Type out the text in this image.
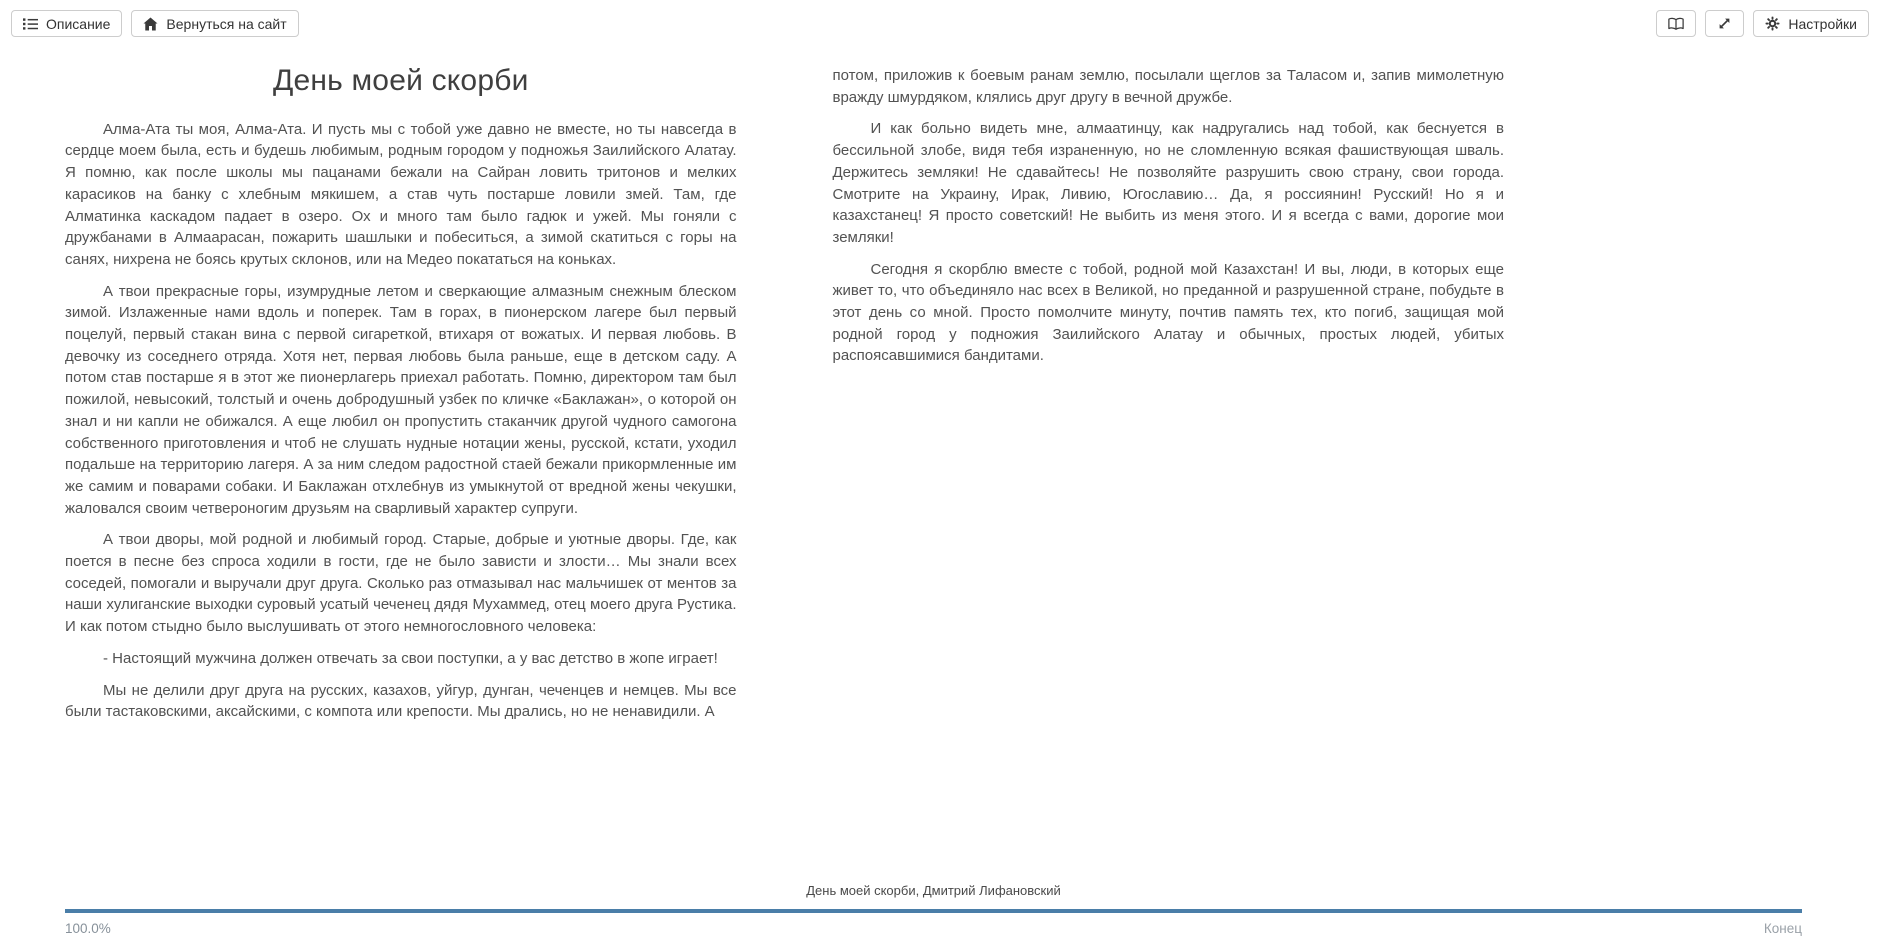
Описание	Вернуться на сайт	Настройки
День моей скорби

Алма-Ата ты моя, Алма-Ата. И пусть мы с тобой уже давно не вместе, но ты навсегда в сердце моем была, есть и будешь любимым, родным городом у подножья Заилийского Алатау. Я помню, как после школы мы пацанами бежали на Сайран ловить тритонов и мелких карасиков на банку с хлебным мякишем, а став чуть постарше ловили змей. Там, где Алматинка каскадом падает в озеро. Ох и много там было гадюк и ужей. Мы гоняли с дружбанами в Алмаарасан, пожарить шашлыки и побеситься, а зимой скатиться с горы на санях, нихрена не боясь крутых склонов, или на Медео покататься на коньках.

А твои прекрасные горы, изумрудные летом и сверкающие алмазным снежным блеском зимой. Излаженные нами вдоль и поперек. Там в горах, в пионерском лагере был первый поцелуй, первый стакан вина с первой сигареткой, втихаря от вожатых. И первая любовь. В девочку из соседнего отряда. Хотя нет, первая любовь была раньше, еще в детском саду. А потом став постарше я в этот же пионерлагерь приехал работать. Помню, директором там был пожилой, невысокий, толстый и очень добродушный узбек по кличке «Баклажан», о которой он знал и ни капли не обижался. А еще любил он пропустить стаканчик другой чудного самогона собственного приготовления и чтоб не слушать нудные нотации жены, русской, кстати, уходил подальше на территорию лагеря. А за ним следом радостной стаей бежали прикормленные им же самим и поварами собаки. И Баклажан отхлебнув из умыкнутой от вредной жены чекушки, жаловался своим четвероногим друзьям на сварливый характер супруги.

А твои дворы, мой родной и любимый город. Старые, добрые и уютные дворы. Где, как поется в песне без спроса ходили в гости, где не было зависти и злости… Мы знали всех соседей, помогали и выручали друг друга. Сколько раз отмазывал нас мальчишек от ментов за наши хулиганские выходки суровый усатый чеченец дядя Мухаммед, отец моего друга Рустика. И как потом стыдно было выслушивать от этого немногословного человека:

- Настоящий мужчина должен отвечать за свои поступки, а у вас детство в жопе играет!

Мы не делили друг друга на русских, казахов, уйгур, дунган, чеченцев и немцев. Мы все были тастаковскими, аксайскими, с компота или крепости. Мы дрались, но не ненавидили. А

потом, приложив к боевым ранам землю, посылали щеглов за Таласом и, запив мимолетную вражду шмурдяком, клялись друг другу в вечной дружбе.

И как больно видеть мне, алмаатинцу, как надругались над тобой, как беснуется в бессильной злобе, видя тебя израненную, но не сломленную всякая фашиствующая шваль. Держитесь земляки! Не сдавайтесь! Не позволяйте разрушить свою страну, свои города. Смотрите на Украину, Ирак, Ливию, Югославию… Да, я россиянин! Русский! Но я и казахстанец! Я просто советский! Не выбить из меня этого. И я всегда с вами, дорогие мои земляки!

Сегодня я скорблю вместе с тобой, родной мой Казахстан! И вы, люди, в которых еще живет то, что объединяло нас всех в Великой, но преданной и разрушенной стране, побудьте в этот день со мной. Просто помолчите минуту, почтив память тех, кто погиб, защищая мой родной город у подножия Заилийского Алатау и обычных, простых людей, убитых распоясавшимися бандитами.

День моей скорби, Дмитрий Лифановский
100.0%	Конец
